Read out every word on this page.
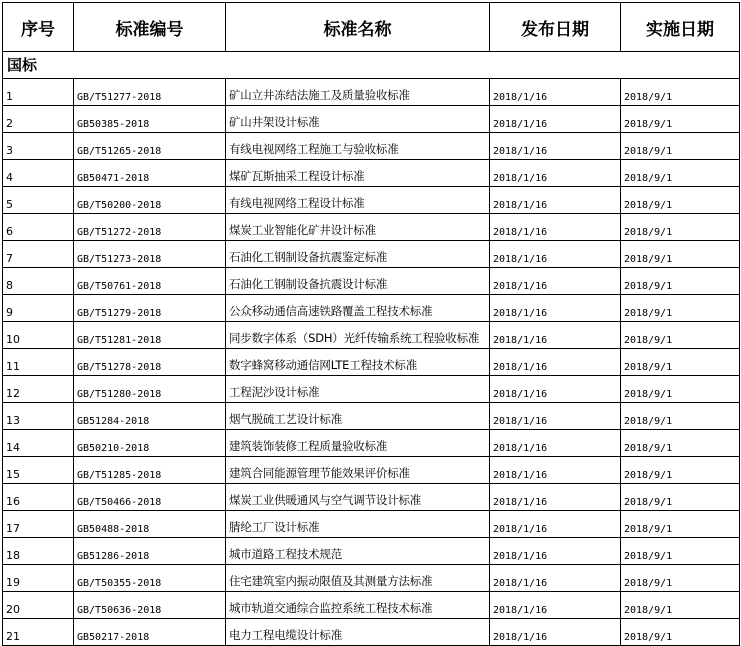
序号	标准编号	标准名称	发布日期	实施日期
国标				
1	GB/T51277-2018	矿山立井冻结法施工及质量验收标准	2018/1/16	2018/9/1
2	GB50385-2018	矿山井架设计标准	2018/1/16	2018/9/1
3	GB/T51265-2018	有线电视网络工程施工与验收标准	2018/1/16	2018/9/1
4	GB50471-2018	煤矿瓦斯抽采工程设计标准	2018/1/16	2018/9/1
5	GB/T50200-2018	有线电视网络工程设计标准	2018/1/16	2018/9/1
6	GB/T51272-2018	煤炭工业智能化矿井设计标准	2018/1/16	2018/9/1
7	GB/T51273-2018	石油化工钢制设备抗震鉴定标准	2018/1/16	2018/9/1
8	GB/T50761-2018	石油化工钢制设备抗震设计标准	2018/1/16	2018/9/1
9	GB/T51279-2018	公众移动通信高速铁路覆盖工程技术标准	2018/1/16	2018/9/1
10	GB/T51281-2018	同步数字体系（SDH）光纤传输系统工程验收标准	2018/1/16	2018/9/1
11	GB/T51278-2018	数字蜂窝移动通信网LTE工程技术标准	2018/1/16	2018/9/1
12	GB/T51280-2018	工程泥沙设计标准	2018/1/16	2018/9/1
13	GB51284-2018	烟气脱硫工艺设计标准	2018/1/16	2018/9/1
14	GB50210-2018	建筑装饰装修工程质量验收标准	2018/1/16	2018/9/1
15	GB/T51285-2018	建筑合同能源管理节能效果评价标准	2018/1/16	2018/9/1
16	GB/T50466-2018	煤炭工业供暖通风与空气调节设计标准	2018/1/16	2018/9/1
17	GB50488-2018	腈纶工厂设计标准	2018/1/16	2018/9/1
18	GB51286-2018	城市道路工程技术规范	2018/1/16	2018/9/1
19	GB/T50355-2018	住宅建筑室内振动限值及其测量方法标准	2018/1/16	2018/9/1
20	GB/T50636-2018	城市轨道交通综合监控系统工程技术标准	2018/1/16	2018/9/1
21	GB50217-2018	电力工程电缆设计标准	2018/1/16	2018/9/1
